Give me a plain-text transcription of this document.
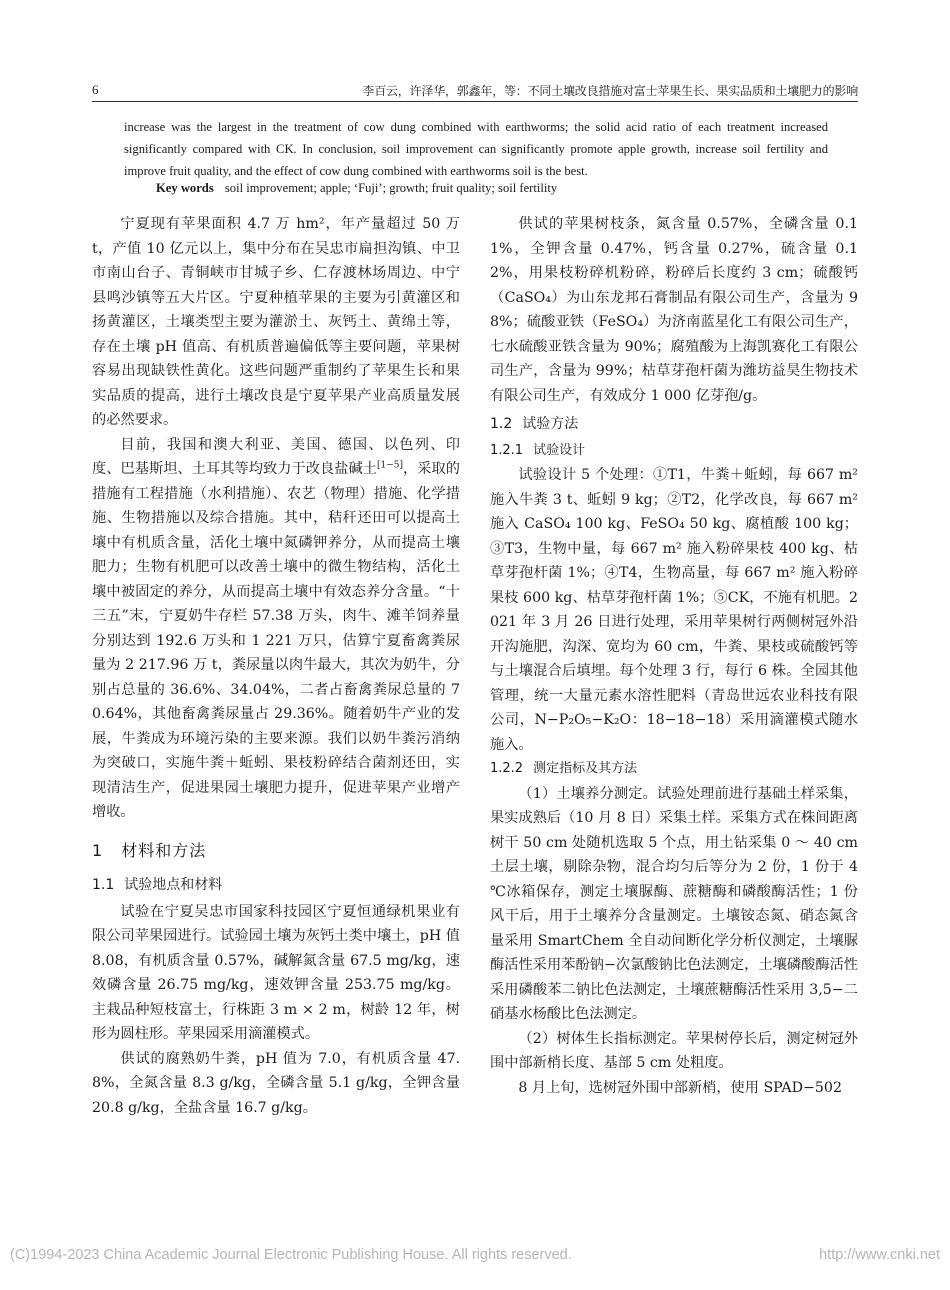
6	李百云，许泽华，郭鑫年，等：不同土壤改良措施对富士苹果生长、果实品质和土壤肥力的影响
increase was the largest in the treatment of cow dung combined with earthworms; the solid acid ratio of each treatment increased significantly compared with CK. In conclusion, soil improvement can significantly promote apple growth, increase soil fertility and improve fruit quality, and the effect of cow dung combined with earthworms soil is the best.
Key words soil improvement; apple; ‘Fuji’; growth; fruit quality; soil fertility

宁夏现有苹果面积 4.7 万 hm²，年产量超过 50 万 t，产值 10 亿元以上，集中分布在吴忠市扁担沟镇、中卫市南山台子、青铜峡市甘城子乡、仁存渡林场周边、中宁县鸣沙镇等五大片区。宁夏种植苹果的主要为引黄灌区和扬黄灌区，土壤类型主要为灌淤土、灰钙土、黄绵土等，存在土壤 pH 值高、有机质普遍偏低等主要问题，苹果树容易出现缺铁性黄化。这些问题严重制约了苹果生长和果实品质的提高，进行土壤改良是宁夏苹果产业高质量发展的必然要求。

目前，我国和澳大利亚、美国、德国、以色列、印度、巴基斯坦、土耳其等均致力于改良盐碱土[1−5]，采取的措施有工程措施（水利措施）、农艺（物理）措施、化学措施、生物措施以及综合措施。其中，秸秆还田可以提高土壤中有机质含量，活化土壤中氮磷钾养分，从而提高土壤肥力；生物有机肥可以改善土壤中的微生物结构，活化土壤中被固定的养分，从而提高土壤中有效态养分含量。“十三五”末，宁夏奶牛存栏 57.38 万头，肉牛、滩羊饲养量分别达到 192.6 万头和 1 221 万只，估算宁夏畜禽粪尿量为 2 217.96 万 t，粪尿量以肉牛最大，其次为奶牛，分别占总量的 36.6%、34.04%，二者占畜禽粪尿总量的 70.64%，其他畜禽粪尿量占 29.36%。随着奶牛产业的发展，牛粪成为环境污染的主要来源。我们以奶牛粪污消纳为突破口，实施牛粪＋蚯蚓、果枝粉碎结合菌剂还田，实现清洁生产，促进果园土壤肥力提升，促进苹果产业增产增收。

1 材料和方法
1.1 试验地点和材料

试验在宁夏吴忠市国家科技园区宁夏恒通绿机果业有限公司苹果园进行。试验园土壤为灰钙土类中壤土，pH 值 8.08，有机质含量 0.57%，碱解氮含量 67.5 mg/kg，速效磷含量 26.75 mg/kg，速效钾含量 253.75 mg/kg。主栽品种短枝富士，行株距 3 m × 2 m，树龄 12 年，树形为圆柱形。苹果园采用滴灌模式。

供试的腐熟奶牛粪，pH 值为 7.0，有机质含量 47.8%，全氮含量 8.3 g/kg，全磷含量 5.1 g/kg，全钾含量 20.8 g/kg，全盐含量 16.7 g/kg。

供试的苹果树枝条，氮含量 0.57%，全磷含量 0.11%，全钾含量 0.47%，钙含量 0.27%，硫含量 0.12%，用果枝粉碎机粉碎，粉碎后长度约 3 cm；硫酸钙（CaSO₄）为山东龙邦石膏制品有限公司生产，含量为 98%；硫酸亚铁（FeSO₄）为济南蓝星化工有限公司生产，七水硫酸亚铁含量为 90%；腐殖酸为上海凯赛化工有限公司生产，含量为 99%；枯草芽孢杆菌为潍坊益昊生物技术有限公司生产，有效成分 1 000 亿芽孢/g。

1.2 试验方法
1.2.1 试验设计

试验设计 5 个处理：①T1，牛粪＋蚯蚓，每 667 m² 施入牛粪 3 t、蚯蚓 9 kg；②T2，化学改良，每 667 m² 施入 CaSO₄ 100 kg、FeSO₄ 50 kg、腐植酸 100 kg；③T3，生物中量，每 667 m² 施入粉碎果枝 400 kg、枯草芽孢杆菌 1%；④T4，生物高量，每 667 m² 施入粉碎果枝 600 kg、枯草芽孢杆菌 1%；⑤CK，不施有机肥。2021 年 3 月 26 日进行处理，采用苹果树行两侧树冠外沿开沟施肥，沟深、宽均为 60 cm，牛粪、果枝或硫酸钙等与土壤混合后填埋。每个处理 3 行，每行 6 株。全园其他管理，统一大量元素水溶性肥料（青岛世远农业科技有限公司，N−P₂O₅−K₂O：18−18−18）采用滴灌模式随水施入。

1.2.2 测定指标及其方法

（1）土壤养分测定。试验处理前进行基础土样采集，果实成熟后（10 月 8 日）采集土样。采集方式在株间距离树干 50 cm 处随机选取 5 个点，用土钻采集 0 ～ 40 cm 土层土壤，剔除杂物，混合均匀后等分为 2 份，1 份于 4 ℃冰箱保存，测定土壤脲酶、蔗糖酶和磷酸酶活性；1 份风干后，用于土壤养分含量测定。土壤铵态氮、硝态氮含量采用 SmartChem 全自动间断化学分析仪测定，土壤脲酶活性采用苯酚钠−次氯酸钠比色法测定，土壤磷酸酶活性采用磷酸苯二钠比色法测定，土壤蔗糖酶活性采用 3,5−二硝基水杨酸比色法测定。

（2）树体生长指标测定。苹果树停长后，测定树冠外围中部新梢长度、基部 5 cm 处粗度。

8 月上旬，选树冠外围中部新梢，使用 SPAD−502

(C)1994-2023 China Academic Journal Electronic Publishing House. All rights reserved.	http://www.cnki.net
